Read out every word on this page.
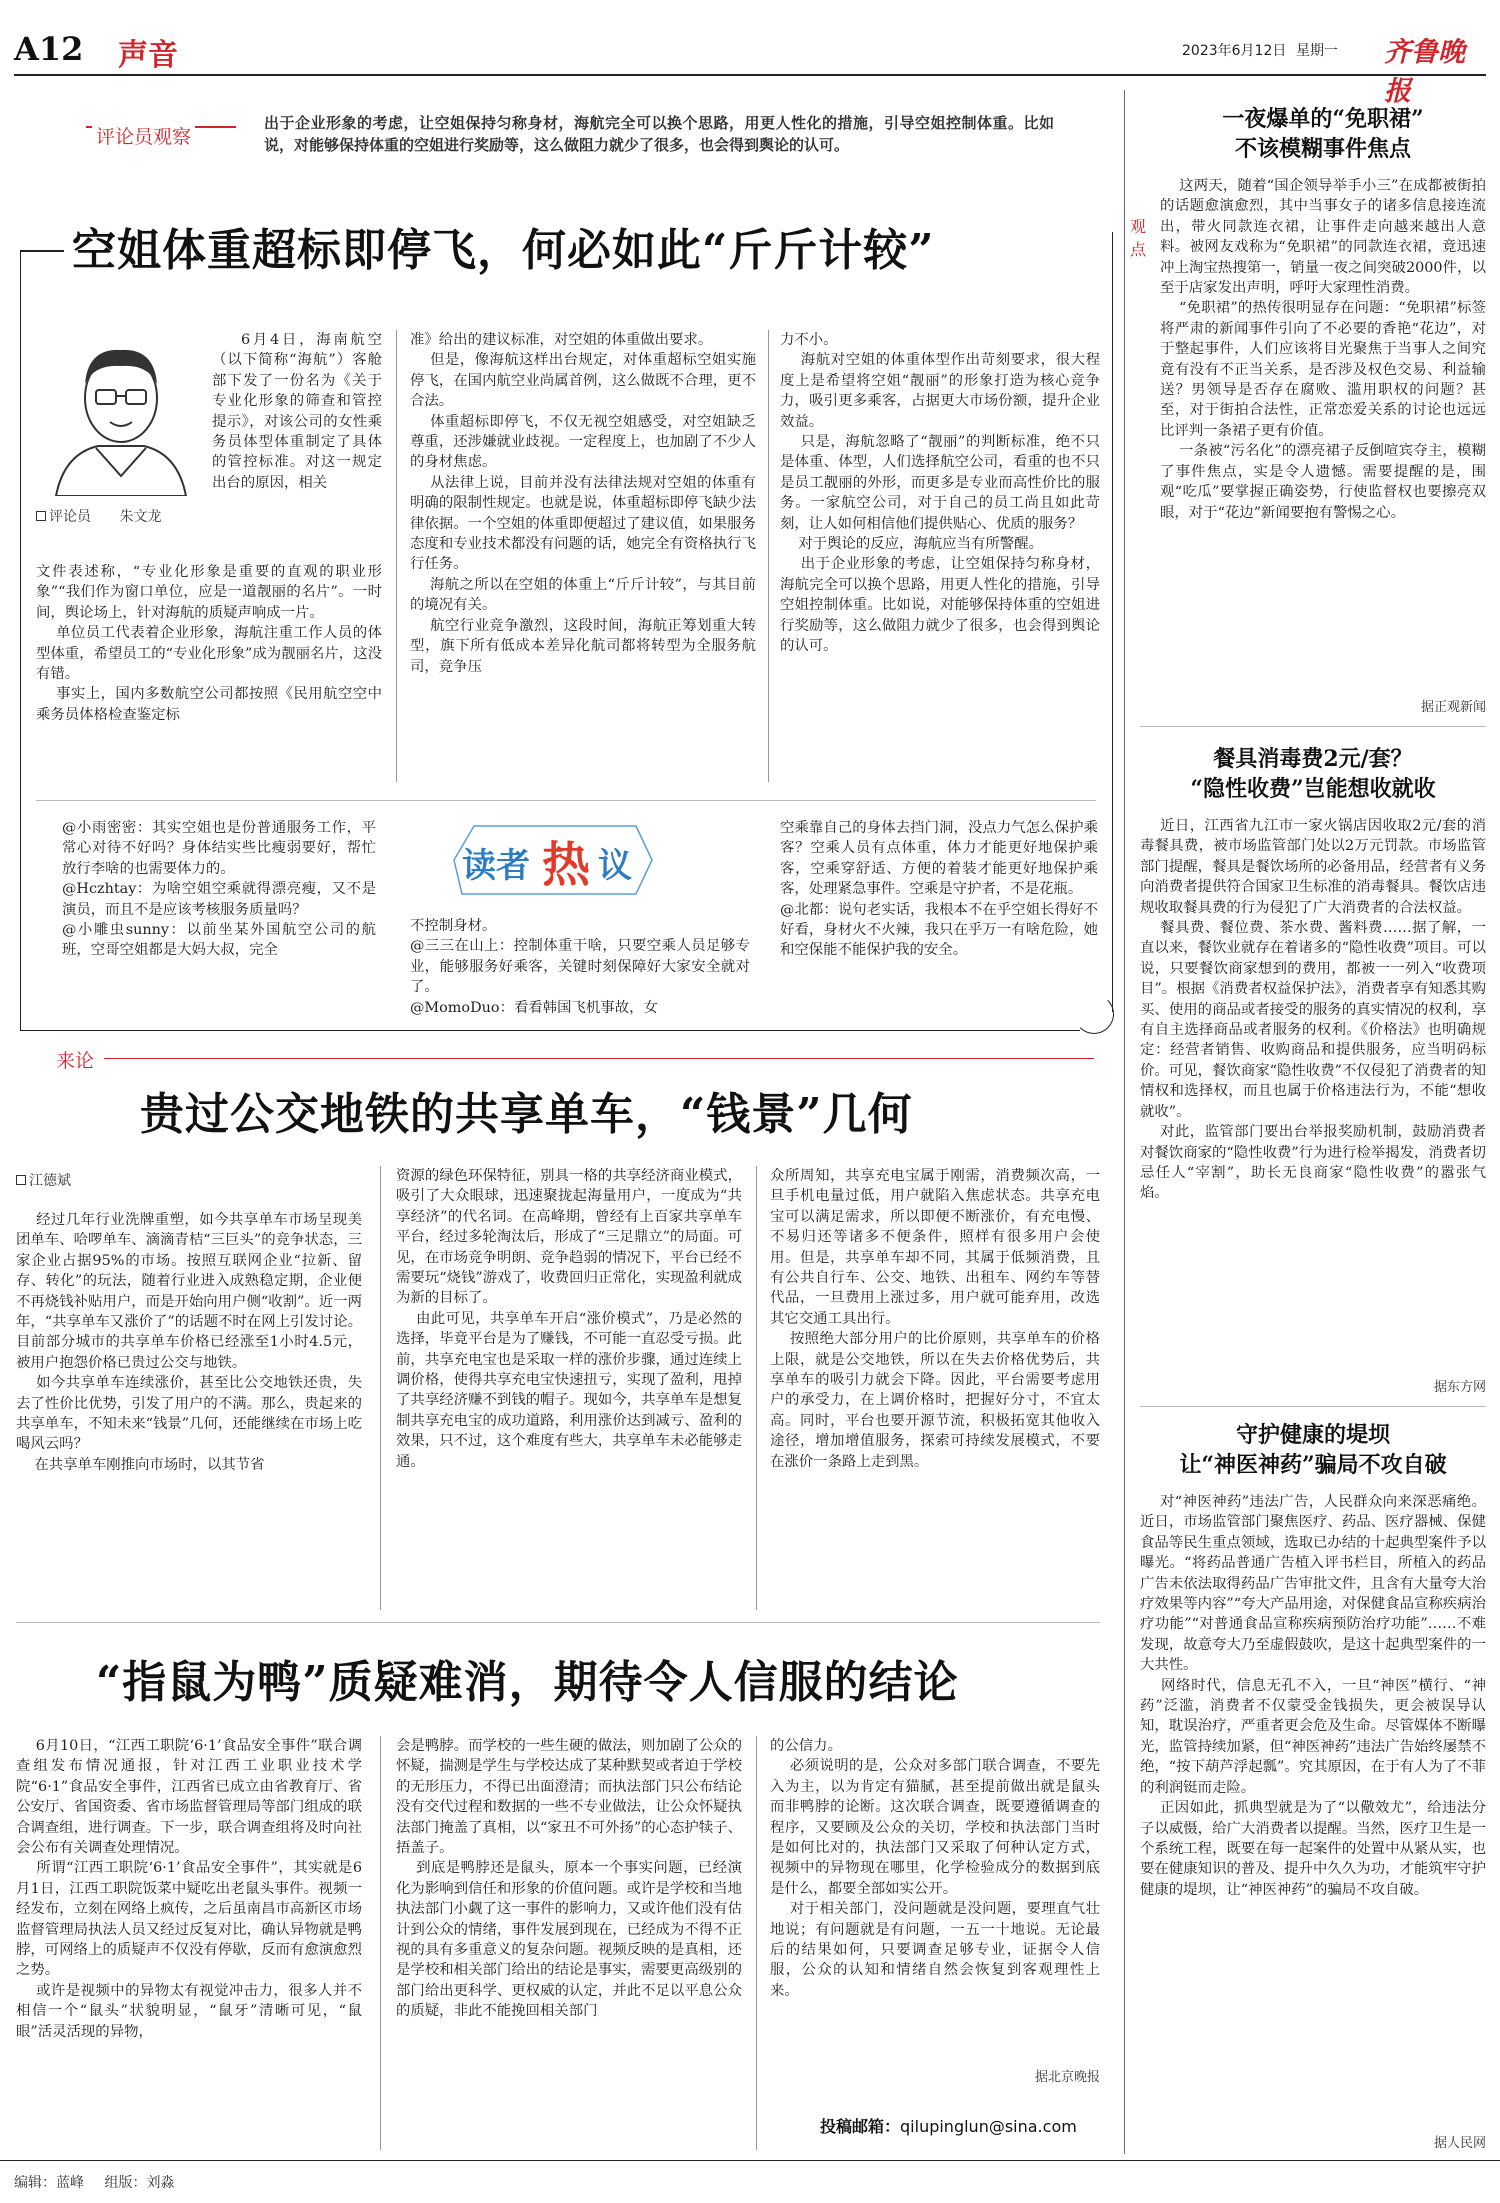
A12 声音	2023年6月12日 星期一 齐鲁晚报
评论员观察
出于企业形象的考虑，让空姐保持匀称身材，海航完全可以换个思路，用更人性化的措施，引导空姐控制体重。比如说，对能够保持体重的空姐进行奖励等，这么做阻力就少了很多，也会得到舆论的认可。
空姐体重超标即停飞，何必如此“斤斤计较”
评论员 朱文龙
6月4日，海南航空（以下简称“海航”）客舱部下发了一份名为《关于专业化形象的筛查和管控提示》，对该公司的女性乘务员体型体重制定了具体的管控标准。对这一规定出台的原因，相关
文件表述称，“专业化形象是重要的直观的职业形象”“我们作为窗口单位，应是一道靓丽的名片”。一时间，舆论场上，针对海航的质疑声响成一片。
单位员工代表着企业形象，海航注重工作人员的体型体重，希望员工的“专业化形象”成为靓丽名片，这没有错。
事实上，国内多数航空公司都按照《民用航空空中乘务员体格检查鉴定标
准》给出的建议标准，对空姐的体重做出要求。
但是，像海航这样出台规定，对体重超标空姐实施停飞，在国内航空业尚属首例，这么做既不合理，更不合法。
体重超标即停飞，不仅无视空姐感受，对空姐缺乏尊重，还涉嫌就业歧视。一定程度上，也加剧了不少人的身材焦虑。
从法律上说，目前并没有法律法规对空姐的体重有明确的限制性规定。也就是说，体重超标即停飞缺少法律依据。一个空姐的体重即便超过了建议值，如果服务态度和专业技术都没有问题的话，她完全有资格执行飞行任务。
海航之所以在空姐的体重上“斤斤计较”，与其目前的境况有关。
航空行业竞争激烈，这段时间，海航正筹划重大转型，旗下所有低成本差异化航司都将转型为全服务航司，竞争压
力不小。
海航对空姐的体重体型作出苛刻要求，很大程度上是希望将空姐“靓丽”的形象打造为核心竞争力，吸引更多乘客，占据更大市场份额，提升企业效益。
只是，海航忽略了“靓丽”的判断标准，绝不只是体重、体型，人们选择航空公司，看重的也不只是员工靓丽的外形，而更多是专业而高性价比的服务。一家航空公司，对于自己的员工尚且如此苛刻，让人如何相信他们提供贴心、优质的服务？
对于舆论的反应，海航应当有所警醒。
出于企业形象的考虑，让空姐保持匀称身材，海航完全可以换个思路，用更人性化的措施，引导空姐控制体重。比如说，对能够保持体重的空姐进行奖励等，这么做阻力就少了很多，也会得到舆论的认可。
读者 热 议
@小雨密密：其实空姐也是份普通服务工作，平常心对待不好吗？身体结实些比瘦弱要好，帮忙放行李啥的也需要体力的。
@Hczhtay：为啥空姐空乘就得漂亮瘦，又不是演员，而且不是应该考核服务质量吗？
@小雕虫sunny：以前坐某外国航空公司的航班，空哥空姐都是大妈大叔，完全
不控制身材。
@三三在山上：控制体重干啥，只要空乘人员足够专业，能够服务好乘客，关键时刻保障好大家安全就对了。
@MomoDuo：看看韩国飞机事故，女
空乘靠自己的身体去挡门洞，没点力气怎么保护乘客？空乘人员有点体重，体力才能更好地保护乘客，空乘穿舒适、方便的着装才能更好地保护乘客，处理紧急事件。空乘是守护者，不是花瓶。
@北都：说句老实话，我根本不在乎空姐长得好不好看，身材火不火辣，我只在乎万一有啥危险，她和空保能不能保护我的安全。
来论
贵过公交地铁的共享单车，“钱景”几何
江德斌
经过几年行业洗牌重塑，如今共享单车市场呈现美团单车、哈啰单车、滴滴青桔“三巨头”的竞争状态，三家企业占据95%的市场。按照互联网企业“拉新、留存、转化”的玩法，随着行业进入成熟稳定期，企业便不再烧钱补贴用户，而是开始向用户侧“收割”。近一两年，“共享单车又涨价了”的话题不时在网上引发讨论。目前部分城市的共享单车价格已经涨至1小时4.5元，被用户抱怨价格已贵过公交与地铁。
如今共享单车连续涨价，甚至比公交地铁还贵，失去了性价比优势，引发了用户的不满。那么，贵起来的共享单车，不知未来“钱景”几何，还能继续在市场上吃喝风云吗？
在共享单车刚推向市场时，以其节省
资源的绿色环保特征，别具一格的共享经济商业模式，吸引了大众眼球，迅速聚拢起海量用户，一度成为“共享经济”的代名词。在高峰期，曾经有上百家共享单车平台，经过多轮淘汰后，形成了“三足鼎立”的局面。可见，在市场竞争明朗、竞争趋弱的情况下，平台已经不需要玩“烧钱”游戏了，收费回归正常化，实现盈利就成为新的目标了。
由此可见，共享单车开启“涨价模式”，乃是必然的选择，毕竟平台是为了赚钱，不可能一直忍受亏损。此前，共享充电宝也是采取一样的涨价步骤，通过连续上调价格，使得共享充电宝快速扭亏，实现了盈利，甩掉了共享经济赚不到钱的帽子。现如今，共享单车是想复制共享充电宝的成功道路，利用涨价达到减亏、盈利的效果，只不过，这个难度有些大，共享单车未必能够走通。
众所周知，共享充电宝属于刚需，消费频次高，一旦手机电量过低，用户就陷入焦虑状态。共享充电宝可以满足需求，所以即便不断涨价，有充电慢、不易归还等诸多不便条件，照样有很多用户会使用。但是，共享单车却不同，其属于低频消费，且有公共自行车、公交、地铁、出租车、网约车等替代品，一旦费用上涨过多，用户就可能弃用，改选其它交通工具出行。
按照绝大部分用户的比价原则，共享单车的价格上限，就是公交地铁，所以在失去价格优势后，共享单车的吸引力就会下降。因此，平台需要考虑用户的承受力，在上调价格时，把握好分寸，不宜太高。同时，平台也要开源节流，积极拓宽其他收入途径，增加增值服务，探索可持续发展模式，不要在涨价一条路上走到黑。
“指鼠为鸭”质疑难消，期待令人信服的结论
6月10日，“江西工职院‘6·1’食品安全事件”联合调查组发布情况通报，针对江西工业职业技术学院“6·1”食品安全事件，江西省已成立由省教育厅、省公安厅、省国资委、省市场监督管理局等部门组成的联合调查组，进行调查。下一步，联合调查组将及时向社会公布有关调查处理情况。
所谓“江西工职院‘6·1’食品安全事件”，其实就是6月1日，江西工职院饭菜中疑吃出老鼠头事件。视频一经发布，立刻在网络上疯传，之后虽南昌市高新区市场监督管理局执法人员又经过反复对比，确认异物就是鸭脖，可网络上的质疑声不仅没有停歇，反而有愈演愈烈之势。
或许是视频中的异物太有视觉冲击力，很多人并不相信一个“鼠头”状貌明显，“鼠牙”清晰可见，“鼠眼”活灵活现的异物，
会是鸭脖。而学校的一些生硬的做法，则加剧了公众的怀疑，揣测是学生与学校达成了某种默契或者迫于学校的无形压力，不得已出面澄清；而执法部门只公布结论没有交代过程和数据的一些不专业做法，让公众怀疑执法部门掩盖了真相，以“家丑不可外扬”的心态护犊子、捂盖子。
到底是鸭脖还是鼠头，原本一个事实问题，已经演化为影响到信任和形象的价值问题。或许是学校和当地执法部门小觑了这一事件的影响力，又或许他们没有估计到公众的情绪，事件发展到现在，已经成为不得不正视的具有多重意义的复杂问题。视频反映的是真相，还是学校和相关部门给出的结论是事实，需要更高级别的部门给出更科学、更权威的认定，并此不足以平息公众的质疑，非此不能挽回相关部门
的公信力。
必须说明的是，公众对多部门联合调查，不要先入为主，以为肯定有猫腻，甚至提前做出就是鼠头而非鸭脖的论断。这次联合调查，既要遵循调查的程序，又要顾及公众的关切，学校和执法部门当时是如何比对的，执法部门又采取了何种认定方式，视频中的异物现在哪里，化学检验成分的数据到底是什么，都要全部如实公开。
对于相关部门，没问题就是没问题，要理直气壮地说；有问题就是有问题，一五一十地说。无论最后的结果如何，只要调查足够专业，证据令人信服，公众的认知和情绪自然会恢复到客观理性上来。
据北京晚报
投稿邮箱：qilupinglun@sina.com
观
点
一夜爆单的“免职裙”
不该模糊事件焦点
这两天，随着“国企领导举手小三”在成都被街拍的话题愈演愈烈，其中当事女子的诸多信息接连流出，带火同款连衣裙，让事件走向越来越出人意料。被网友戏称为“免职裙”的同款连衣裙，竟迅速冲上淘宝热搜第一，销量一夜之间突破2000件，以至于店家发出声明，呼吁大家理性消费。
“免职裙”的热传很明显存在问题：“免职裙”标签将严肃的新闻事件引向了不必要的香艳“花边”，对于整起事件，人们应该将目光聚焦于当事人之间究竟有没有不正当关系，是否涉及权色交易、利益输送？男领导是否存在腐败、滥用职权的问题？甚至，对于街拍合法性，正常恋爱关系的讨论也远远比评判一条裙子更有价值。
一条被“污名化”的漂亮裙子反倒喧宾夺主，模糊了事件焦点，实是令人遗憾。需要提醒的是，围观“吃瓜”要掌握正确姿势，行使监督权也要擦亮双眼，对于“花边”新闻要抱有警惕之心。
据正观新闻
餐具消毒费2元/套？
“隐性收费”岂能想收就收
近日，江西省九江市一家火锅店因收取2元/套的消毒餐具费，被市场监管部门处以2万元罚款。市场监管部门提醒，餐具是餐饮场所的必备用品，经营者有义务向消费者提供符合国家卫生标准的消毒餐具。餐饮店违规收取餐具费的行为侵犯了广大消费者的合法权益。
餐具费、餐位费、茶水费、酱料费……据了解，一直以来，餐饮业就存在着诸多的“隐性收费”项目。可以说，只要餐饮商家想到的费用，都被一一列入“收费项目”。根据《消费者权益保护法》，消费者享有知悉其购买、使用的商品或者接受的服务的真实情况的权利，享有自主选择商品或者服务的权利。《价格法》也明确规定：经营者销售、收购商品和提供服务，应当明码标价。可见，餐饮商家“隐性收费”不仅侵犯了消费者的知情权和选择权，而且也属于价格违法行为，不能“想收就收”。
对此，监管部门要出台举报奖励机制，鼓励消费者对餐饮商家的“隐性收费”行为进行检举揭发，消费者切忌任人“宰割”，助长无良商家“隐性收费”的嚣张气焰。
据东方网
守护健康的堤坝
让“神医神药”骗局不攻自破
对“神医神药”违法广告，人民群众向来深恶痛绝。近日，市场监管部门聚焦医疗、药品、医疗器械、保健食品等民生重点领域，选取已办结的十起典型案件予以曝光。“将药品普通广告植入评书栏目，所植入的药品广告未依法取得药品广告审批文件，且含有大量夸大治疗效果等内容”“夸大产品用途，对保健食品宣称疾病治疗功能”“对普通食品宣称疾病预防治疗功能”……不难发现，故意夸大乃至虚假鼓吹，是这十起典型案件的一大共性。
网络时代，信息无孔不入，一旦“神医”横行、“神药”泛滥，消费者不仅蒙受金钱损失，更会被误导认知，耽误治疗，严重者更会危及生命。尽管媒体不断曝光，监管持续加紧，但“神医神药”违法广告始终屡禁不绝，“按下葫芦浮起瓢”。究其原因，在于有人为了不菲的利润铤而走险。
正因如此，抓典型就是为了“以儆效尤”，给违法分子以威慑，给广大消费者以提醒。当然，医疗卫生是一个系统工程，既要在每一起案件的处置中从紧从实，也要在健康知识的普及、提升中久久为功，才能筑牢守护健康的堤坝，让“神医神药”的骗局不攻自破。
据人民网
编辑：蓝峰 组版：刘淼
